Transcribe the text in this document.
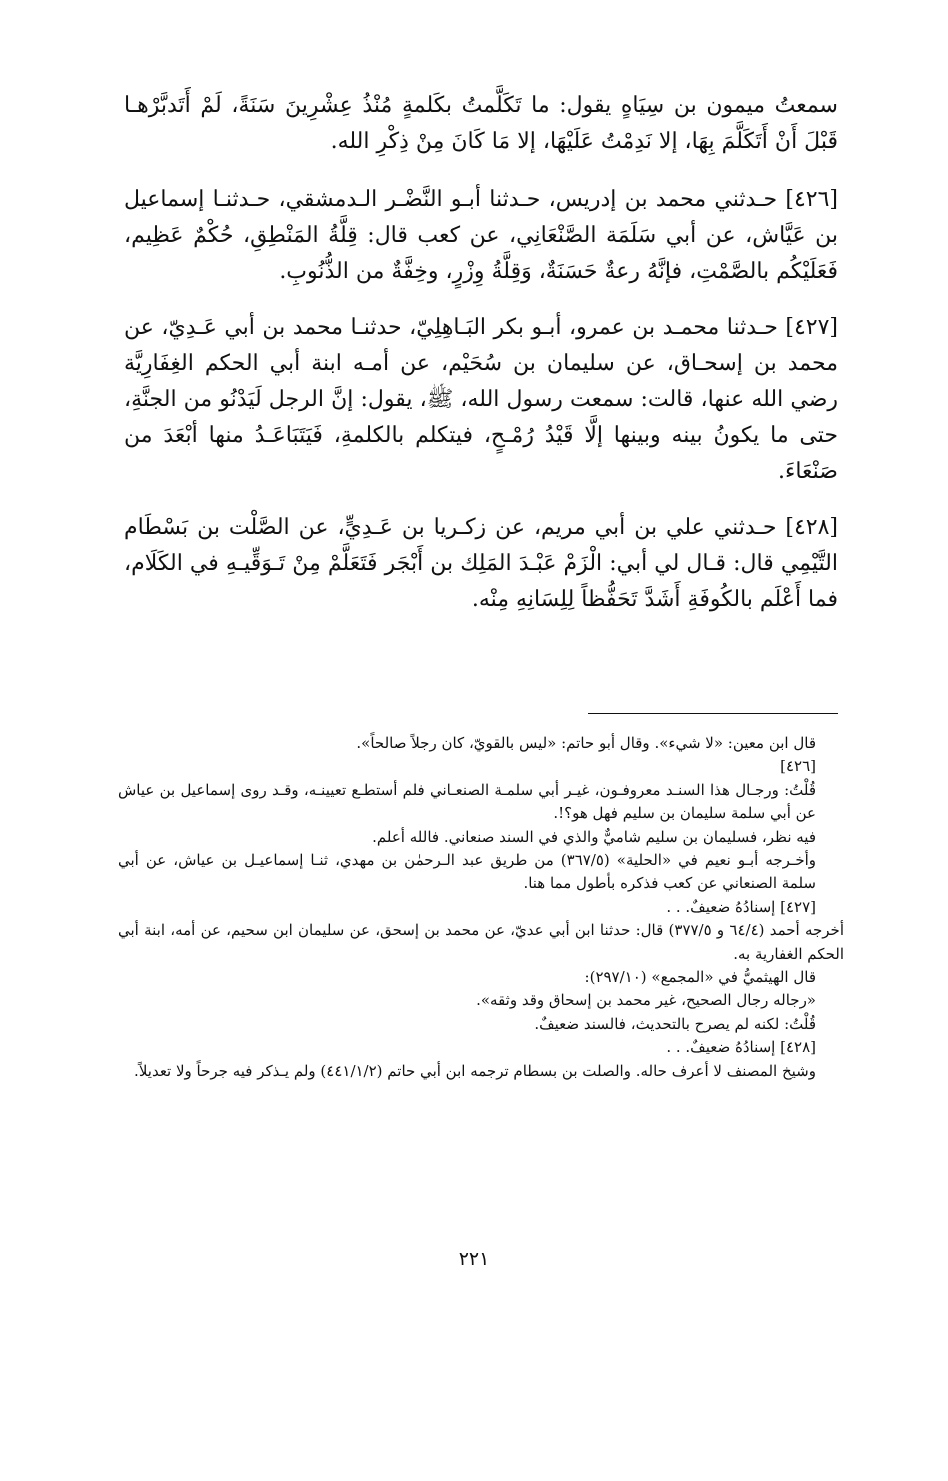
سمعتُ ميمون بن سِيَاهٍ يقول: ما تَكَلَّمتُ بكَلمةٍ مُنْذُ عِشْرِينَ سَنَةً، لَمْ أَتَدبَّرْهـا قَبْلَ أَنْ أَتَكَلَّمَ بِهَا، إلا نَدِمْتُ عَلَيْهَا، إلا مَا كَانَ مِنْ ذِكْرِ الله.

[٤٢٦] حـدثني محمد بن إدريس، حـدثنا أبـو النَّضْـر الـدمشقي، حـدثنـا إسماعيل بن عَيَّاش، عن أبي سَلَمَة الصَّنْعَانِي، عن كعب قال: قِلَّةُ المَنْطِقِ، حُكْمٌ عَظِيم، فَعَلَيْكُم بالصَّمْتِ، فإنَّهُ رعةٌ حَسَنَةٌ، وَقِلَّةُ وِزْرٍ، وخِفَّةٌ من الذُّنُوبِ.

[٤٢٧] حـدثنا محمـد بن عمرو، أبـو بكر البَـاهِلِيّ، حدثنـا محمد بن أبي عَـدِيّ، عن محمد بن إسحـاق، عن سليمان بن سُحَيْم، عن أمـه ابنة أبي الحكم الغِفَارِيَّة رضي الله عنها، قالت: سمعت رسول الله، ﷺ، يقول: إنَّ الرجل لَيَدْنُو من الجنَّةِ، حتى ما يكونُ بينه وبينها إلَّا قَيْدُ رُمْـحٍ، فيتكلم بالكلمةِ، فَيَتَبَاعَـدُ منها أبْعَدَ من صَنْعَاءَ.

[٤٢٨] حـدثني علي بن أبي مريم، عن زكـريا بن عَـدِيٍّ، عن الصَّلْت بن بَسْطَام التَّيْمِي قال: قـال لي أبي: الْزَمْ عَبْـدَ المَلِك بن أَبْجَر فَتَعَلَّمْ مِنْ تَـوَقِّيـهِ في الكَلَام، فما أَعْلَم بالكُوفَةِ أَشَدَّ تَحَفُّظاً لِلِسَانِهِ مِنْه.

قال ابن معين: «لا شيء». وقال أبو حاتم: «ليس بالقويّ، كان رجلاً صالحاً».

[٤٢٦]

قُلْتُ: ورجـال هذا السنـد معروفـون، غيـر أبي سلمـة الصنعـاني فلم أستطـع تعيينـه، وقـد روى إسماعيل بن عياش عن أبي سلمة سليمان بن سليم فهل هو؟!.

فيه نظر، فسليمان بن سليم شاميٌّ والذي في السند صنعاني. فالله أعلم.

وأخـرجه أبـو نعيم في «الحلية» (٣٦٧/٥) من طريق عبد الـرحمٰن بن مهدي، ثنـا إسماعيـل بن عياش، عن أبي سلمة الصنعاني عن كعب فذكره بأطول مما هنا.

[٤٢٧] إسنادُهُ ضعيفٌ. . .

أخرجه أحمد (٦٤/٤ و ٣٧٧/٥) قال: حدثنا ابن أبي عديّ، عن محمد بن إسحق، عن سليمان ابن سحيم، عن أمه، ابنة أبي الحكم الغفارية به.

قال الهيثميُّ في «المجمع» (٢٩٧/١٠):

«رجاله رجال الصحيح، غير محمد بن إسحاق وقد وثقه».

قُلْتُ: لكنه لم يصرح بالتحديث، فالسند ضعيفٌ.

[٤٢٨] إسنادُهُ ضعيفٌ. . .

وشيخ المصنف لا أعرف حاله. والصلت بن بسطام ترجمه ابن أبي حاتم (٤٤١/١/٢) ولم يـذكر فيه جرحاً ولا تعديلاً.

٢٢١
